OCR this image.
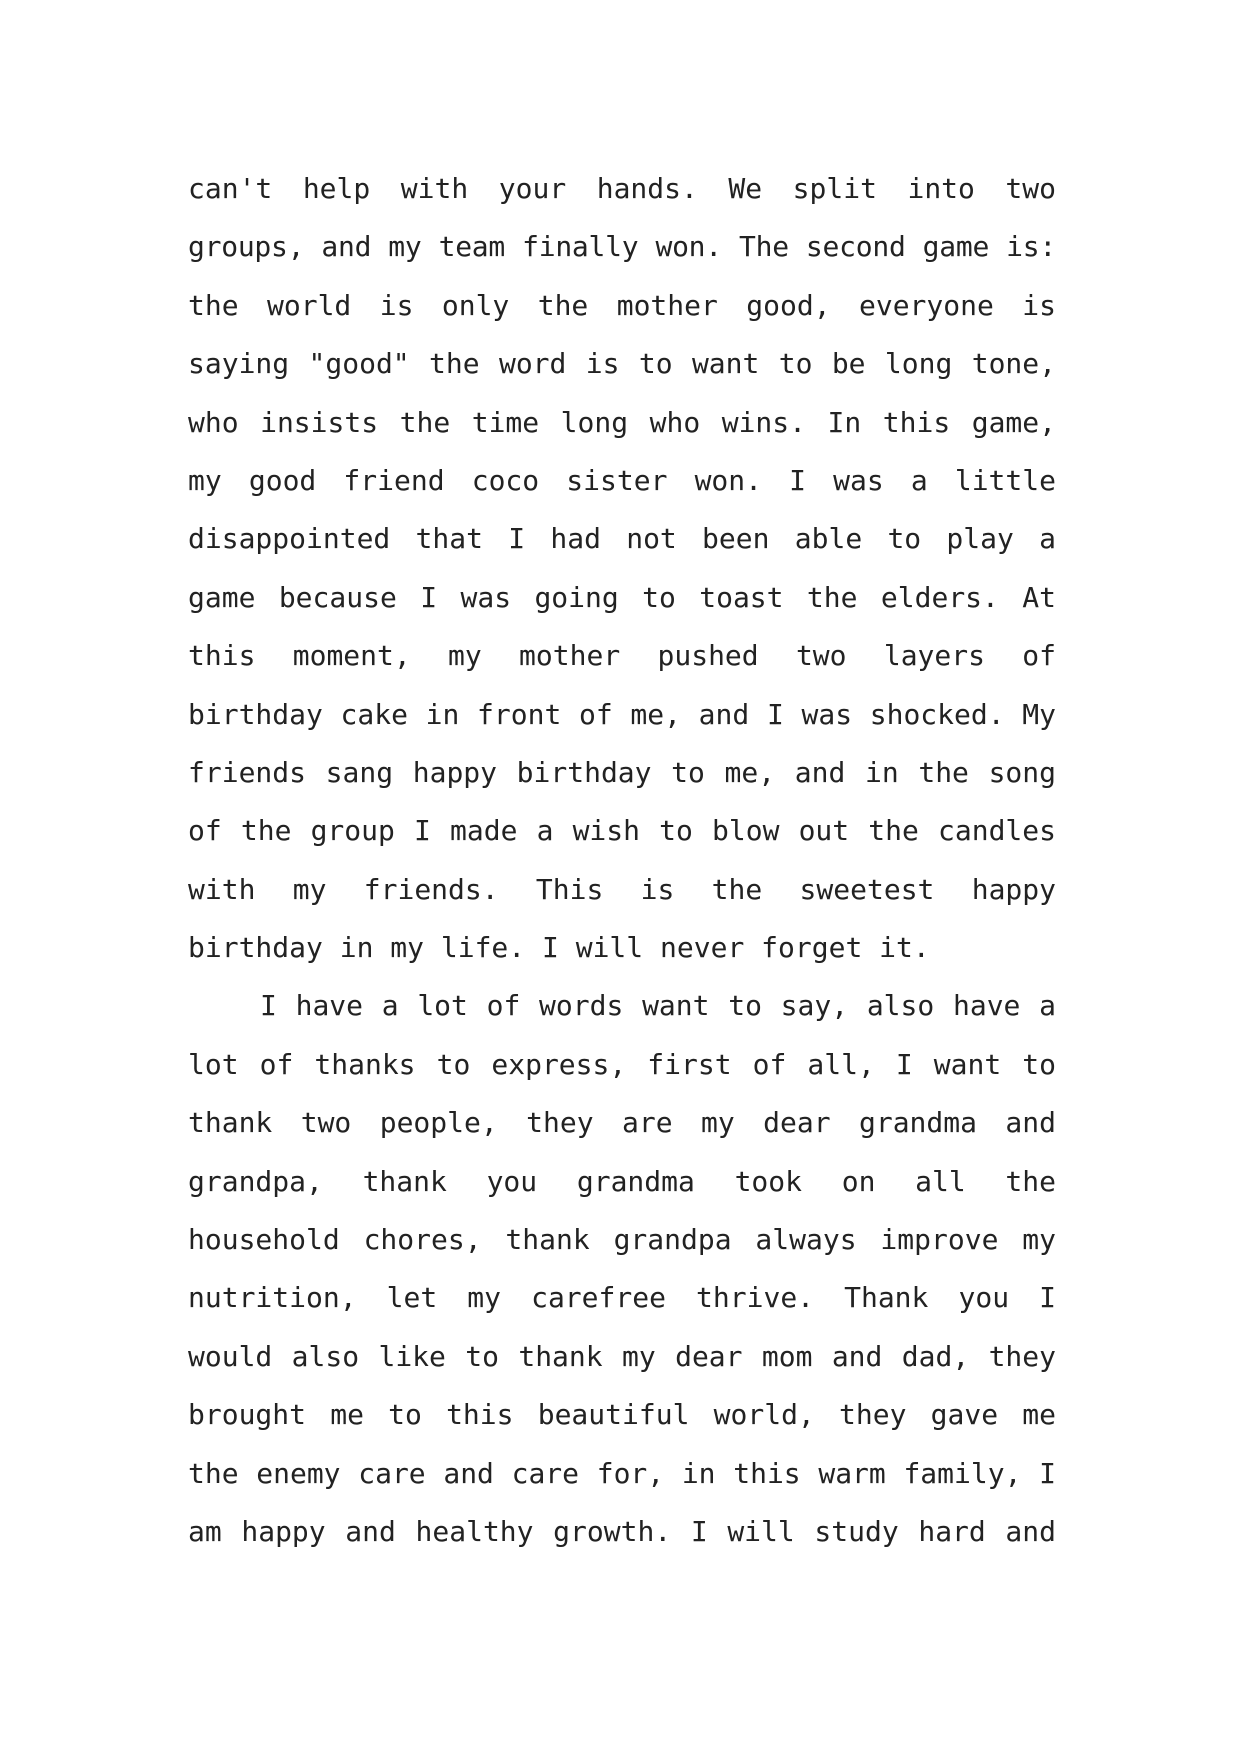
can't help with your hands. We split into two
groups, and my team finally won. The second game is:
the world is only the mother good, everyone is
saying "good" the word is to want to be long tone,
who insists the time long who wins. In this game,
my good friend coco sister won. I was a little
disappointed that I had not been able to play a
game because I was going to toast the elders. At
this moment, my mother pushed two layers of
birthday cake in front of me, and I was shocked. My
friends sang happy birthday to me, and in the song
of the group I made a wish to blow out the candles
with my friends. This is the sweetest happy
birthday in my life. I will never forget it.
I have a lot of words want to say, also have a
lot of thanks to express, first of all, I want to
thank two people, they are my dear grandma and
grandpa, thank you grandma took on all the
household chores, thank grandpa always improve my
nutrition, let my carefree thrive. Thank you I
would also like to thank my dear mom and dad, they
brought me to this beautiful world, they gave me
the enemy care and care for, in this warm family, I
am happy and healthy growth. I will study hard and
